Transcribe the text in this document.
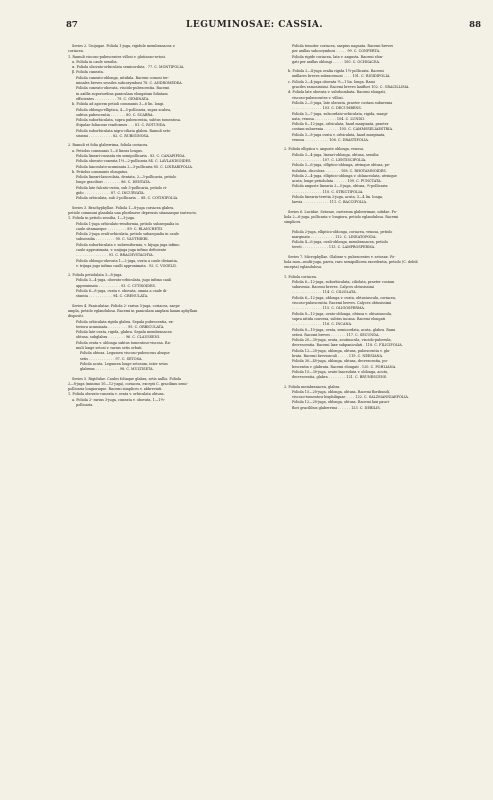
87	LEGUMINOSAE: CASSIA.	88
Series 2. Unijugae. Foliola 1-juga, rigidule membranacea v.
coriacea.
1. Ramuli viscoso-pubescentes villosi v. glutinoso-setosi.
a. Folíola in caule sessilia.
α. Foliola obovato-orbiculata semicordata . 77. C. MONTIFOLIA.
β. Foliola cuneata.
Foliola cuneato-oblonga, nitidula. Racemi comosi ter-
minales breves sessiles subcorymbosi 78. C. ANDROMEDEA.
Foliola cuneato-obovata, viscido-pubescentia. Racemi
in axillis superioribus paniculam elongatam foliatam
efficientes . . . . . . . . . . 79. C. GEMINATA.
b. Foliola ad apicem petioli communis 3—6 lin. longi.
Foliola oblongo-elliptica, 4—5-pollicaria, supra scabra,
subtus pubescentia . . . . . . . 80. C. SCABRA.
Foliola suborbiculata, supra pubescentia, subtus tomentosa.
Stipulae foliaceae reniformes . . . 81. C. ROTUNDA.
Foliola suborbiculata nigro-ciliata glabra. Ramuli seto-
sissimi . . . . . . . . . . . 82. C. RUBIGINOSA.
2. Ramuli et folia glaberrima, foliola coriacea.
a. Petiolus communis 1—6 lineas longus.
Foliola lineari-cuneata vix semipollicaria . 83. C. CANAPIFIDA.
Foliola obovato-cuneata 1½—2-pollicaria 84. C. LAVLANDIOIDES.
Foliola lanceolato-acuminata 2—3-pollicaria 85. C. LINEARIFOLIA.
b. Petiolus communis elongatus.
Foliola lineari-lanceolata, dentata, 2—3-pollicaria, petiolo
longe graciliori . . . . . . . . 86. C. DENTATA.
Foliola late falcato-ovata, sub 3-pollicaria, petiolo ri-
gido . . . . . . . . . . . . 87. C. INCURVATA.
Foliola orbiculata, sub 2-pollicaria . . 88. C. COTINIFOLIA.
Series 3. Brachyphyllae. Foliola 1—8-juga coriacea glabra,
petiole communi glandula una pluribusve depressis sitamaeque instructo.
1. Foliola in petiolo sessilia, 1—3-juga.
Foliola 1-juga orbiculato-reniformia, petiolo subaequalia in
caule sitamaeque . . . . . . . . . 89. C. BLANCHETII.
Foliola 2-juga ovali-orbiculata, petiolo subaequalia in caule
subsessilia . . . . . . . . . 90. C. VAUTHIERI.
Foliola suborbiculata v. subreniformia, v. bijuga juga infimo
caule approximata, v. unijuga juga infimo deficiente
. . . . . . . . . . . . . . . 91. C. BRACHYSTACHYA.
Foliola oblongo-obovata 1—2-juga, ovata a caule distantia,
v. trijuga jugo infimo caulli approximata . 92. C. VOGELII.
2. Foliola petiolulata 3—8-juga.
Foliola 3—4-juga, obovato-orbiculata, jugo infimo cauli
approximato . . . . . . . . . . 93. C. CYTISOIDES.
Foliola 6—8-juga, ovata v. obovata, omnia a caule di-
stantia . . . . . . . . . . . 94. C. CRENULATA.
Series 4. Paniculatae. Foliola 2- rarius 3-juga, coriacea, saepe
ampla, petiolo eglandulosa. Racemi in paniculam amplam laxam aphyllam
dispositi.
Foliola orbiculata rigida glabra. Sepala pubescentia, ex-
teriora acuminata . . . . . . . . . 95. C. ORBICULATA.
Foliola late-ovata, rigida, glabra. Sepala membranacea
obtusa, subglabra . . . . . . . . 96. C. CLAUSSENI.
Foliola ovata v. oblonga subtus tomentoso-viscosa. Ra-
muli longe setosi v. rarius setis orbati.
Foliola obtusa. Legumen viscoso-pubescens absque
setis . . . . . . . . . . . . 97. C. SETOSA.
Foliola acuta. Legumen longe setosum, inter setas
glabrum . . . . . . . . . . . 98. C. MULTISETA.
Series 5. Rigidulae. Caules foliaque glabra, setis nullis. Foliola
2—8-juga (minimo 10—12-juga), coriacea, excepti C. gracilimu semi-
pollicaria longioraque. Racemi simplices v. abbreviati.
1. Foliola obovato-cuneata v. ovata v. orbiculata obtusa.
a. Foliola 2- rarius 3-juga, cuneata v. obovata, 1—1½-
pollicaria.
Foliola tenuiter coriacea, saepius nagnata. Racemi breves
per axillas subcorymbosi . . . . . 99. C. CONFERTA.
Foliola rigide coriacea, lata v. angusta. Racemi elon-
gati per axillas oblongi . . . . . 100. C. OCHNACEA.
b. Foliola 2—4-juga ovalia rigida 1½-pollicaria. Racemi
axillares breves subracemosi . . . . 101. C. RIGIDIFOLIA.
c. Foliola 2—4-juga obovata ½—1 lin. longa. Rami
graciles ramosissimi. Racemi breves laxiflori 102. C. GRACILLIMA.
d. Foliola late obovata v. subrhombata. Racemi elongati,
viscoso-pubescentes v. villosi.
Foliola 2—5-juga, late obovata, praeter costam subavenia
. . . . . . . . . . . . . . 103. C. DECUMBENS.
Foliola 3—7-juga, subcordato-orbiculata, rigida, margi-
nata, venosa . . . . . . . . . . 104. C. LUNDII.
Foliola 8—12-juga, orbiculata, haud marginata, praeter
costam subavenia . . . . . . . 105. C. CAMMSSELIAESTRIA.
Foliola 3—8-juga ovata v. orbiculata, haud marginata,
venosa . . . . . . . . . . . 106. C. DRASTIFOLIA.
2. Foliola elliptica v. anguste oblonga, venosa.
Foliola 3—4-juga, lineari-oblonga, obtusa, sessilia
. . . . . . . . . . . . . . 107. C. LENTISCIFOLIA.
Foliola 3—6-juga, elliptico-oblonga, utrinque obtusa, pe-
tiolulata, discolora . . . . . . . 108. C. RHOTAMNOIDES.
Foliola 2—4-juga, elliptico-oblonga v. oblanceolata, utrinque
acuta, longe petiolulata . . . . . . 109. C. PUNCTATA.
Foliola anguste linearia 2—5-juga, obtusa, ⅓-pollicaria
. . . . . . . . . . . . . . 110. C. STRICTIFOLIA.
Foliola linearia-teretia 2-juga, acuta, 3—4 lin. longa,
laevia . . . . . . . . . . . . 111. C. BACCIFOLIA.
Series 6. Lucidae. Setosae, caeterum glaberrimae, nitidae. Fo-
liola 2—6-juga, pollicaria v. longiora, petiolo eglandulosa. Racemi
simplices.
Foliola 2-juga, elliptico-oblonga, coriacea, venosa, petiolo
marginato . . . . . . . . . . . 112. C. LINEATOPODA.
Foliola 4—6-juga, ovali-oblonga, membranacea, petiolo
tereti . . . . . . . . . . . . 113. C. LAMPROSPERMA.
Series 7. Microphyllae. Glabrae v. pubescentes v. setosae. Fo-
liola mox—multi-juga, parva, raro semipollicem excedentia, petiolo (C. debili
excepta) eglandulosa.
1. Foliola coriacea.
Foliola 6—12-juga, suborbiculata, ciliolata, praeter costam
subavenia. Racemi breves. Calyces obtusissimi
. . . . . . . . . . . . . . 114. C. CILIOLATA.
Foliola 6—12-juga, oblonga v. ovata, obtusiuscula, coriacea,
viscoso-pubescentia. Racemi breves. Calyces obtusissimi
. . . . . . . . . . . . . . 115. C. OLIGOSPERMA.
Foliola 8—12-juga, ovato-oblonga, obtusa v. obtusiuscula,
supra nitida convexa, subtus incana. Racemi elongati
. . . . . . . . . . . . . . 116. C. INCANA.
Foliola 8—10-juga, ovata, semicordata, acuta, glabra. Rami
setosi. Racemi breves . . . . . . . 117. C. SECUNDA.
Foliola 20—30-juga, ovata, acutiuscula, viscido-puberula,
decrescentia. Racemi laxe subpaniculati . 118. C. FILICIFOLIA.
Foliola 12—20-juga, oblonga, obtusa, pubescentia v. gla-
brata. Racemi breviusculi . . . . . 119. C. NEESIANA.
Foliola 30—40-juga, oblonga, obtusa, decrescentia, pu-
bescentia v. glabrata. Racemi elongati . 120. C. POHLIANA.
Foliola 15—30-juga, ovato-lanceolata v. oblonga, acuta,
decrescentia, glabra . . . . . . . . 121. C. BRUNESCENS.
2. Foliola membranacea, glabra.
Foliola 15—20-juga, oblonga, obtusa. Racemi floribundi,
viscoso-tomentosi bisphiliquae . . . . 122. C. SALZMANNIAEFOLIA.
Foliola 12—20-juga, oblonga, obtusa. Racemi laxi pauci-
flori gracilibus glaberrimi . . . . . . 123. C. DEBILIS.
